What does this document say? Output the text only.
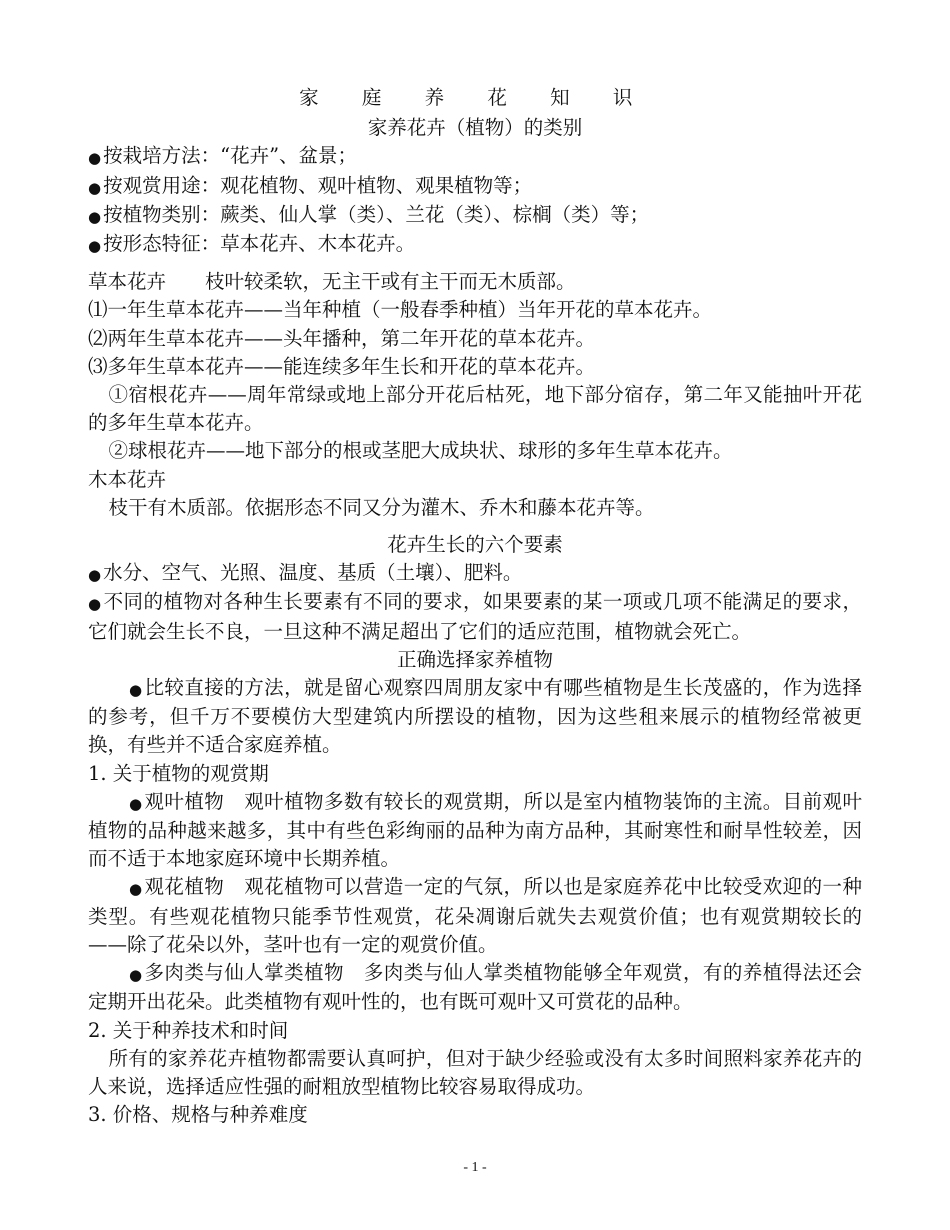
家 庭 养 花 知 识

家养花卉（植物）的类别

● 按栽培方法：“花卉”、盆景；

● 按观赏用途：观花植物、观叶植物、观果植物等；

● 按植物类别：蕨类、仙人掌（类）、兰花（类）、棕榈（类）等；

● 按形态特征：草本花卉、木本花卉。

草本花卉　　枝叶较柔软，无主干或有主干而无木质部。

⑴一年生草本花卉——当年种植（一般春季种植）当年开花的草本花卉。

⑵两年生草本花卉——头年播种，第二年开花的草本花卉。

⑶多年生草本花卉——能连续多年生长和开花的草本花卉。

①宿根花卉——周年常绿或地上部分开花后枯死，地下部分宿存，第二年又能抽叶开花的多年生草本花卉。

②球根花卉——地下部分的根或茎肥大成块状、球形的多年生草本花卉。

木本花卉

枝干有木质部。依据形态不同又分为灌木、乔木和藤本花卉等。

花卉生长的六个要素

● 水分、空气、光照、温度、基质（土壤）、肥料。

● 不同的植物对各种生长要素有不同的要求，如果要素的某一项或几项不能满足的要求，它们就会生长不良，一旦这种不满足超出了它们的适应范围，植物就会死亡。

正确选择家养植物

● 比较直接的方法，就是留心观察四周朋友家中有哪些植物是生长茂盛的，作为选择的参考，但千万不要模仿大型建筑内所摆设的植物，因为这些租来展示的植物经常被更换，有些并不适合家庭养植。

1. 关于植物的观赏期

● 观叶植物　观叶植物多数有较长的观赏期，所以是室内植物装饰的主流。目前观叶植物的品种越来越多，其中有些色彩绚丽的品种为南方品种，其耐寒性和耐旱性较差，因而不适于本地家庭环境中长期养植。

● 观花植物　观花植物可以营造一定的气氛，所以也是家庭养花中比较受欢迎的一种类型。有些观花植物只能季节性观赏，花朵凋谢后就失去观赏价值；也有观赏期较长的——除了花朵以外，茎叶也有一定的观赏价值。

● 多肉类与仙人掌类植物　多肉类与仙人掌类植物能够全年观赏，有的养植得法还会定期开出花朵。此类植物有观叶性的，也有既可观叶又可赏花的品种。

2. 关于种养技术和时间

所有的家养花卉植物都需要认真呵护，但对于缺少经验或没有太多时间照料家养花卉的人来说，选择适应性强的耐粗放型植物比较容易取得成功。

3. 价格、规格与种养难度

- 1 -
